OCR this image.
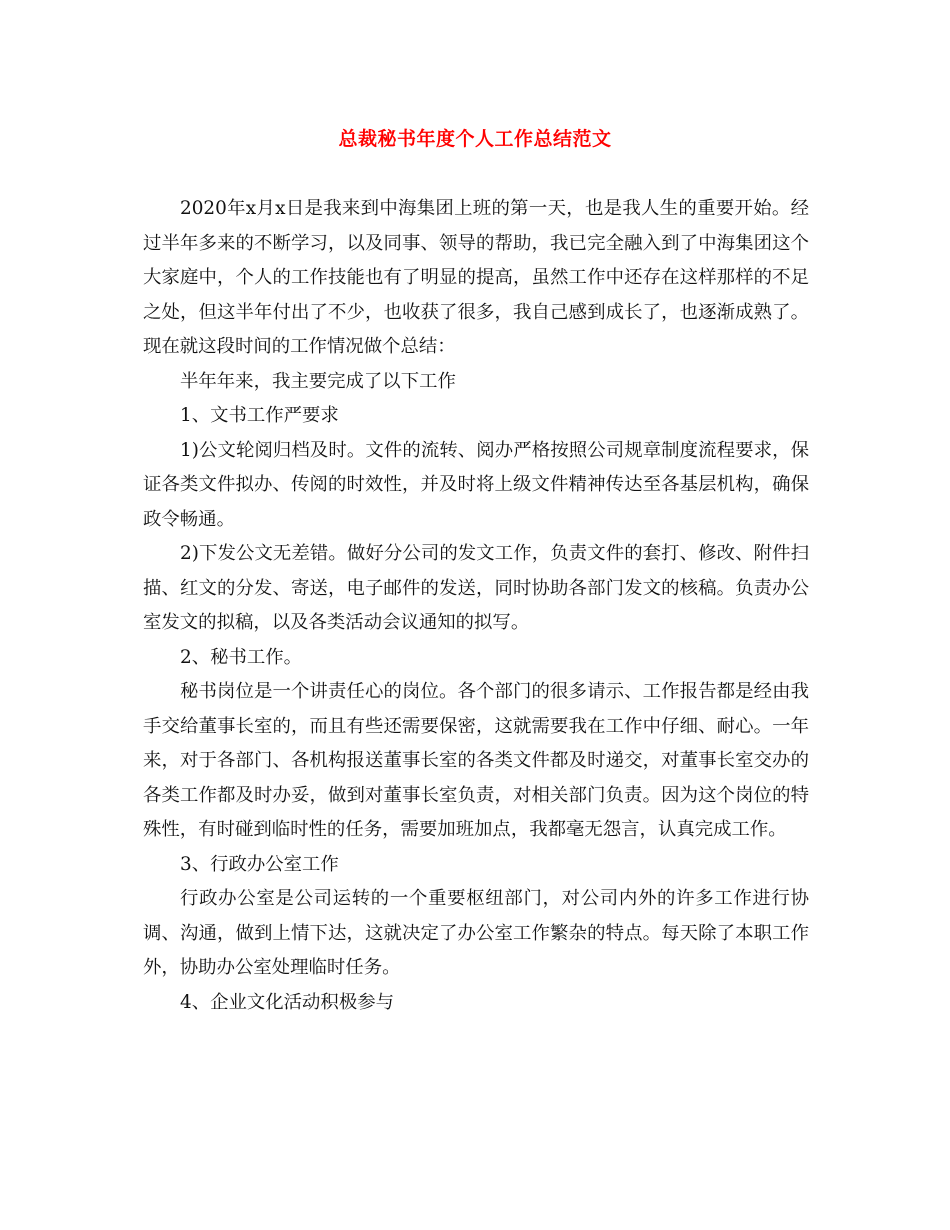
总裁秘书年度个人工作总结范文

2020年x月x日是我来到中海集团上班的第一天，也是我人生的重要开始。经过半年多来的不断学习，以及同事、领导的帮助，我已完全融入到了中海集团这个大家庭中，个人的工作技能也有了明显的提高，虽然工作中还存在这样那样的不足之处，但这半年付出了不少，也收获了很多，我自己感到成长了，也逐渐成熟了。现在就这段时间的工作情况做个总结：

半年年来，我主要完成了以下工作

1、文书工作严要求

1)公文轮阅归档及时。文件的流转、阅办严格按照公司规章制度流程要求，保证各类文件拟办、传阅的时效性，并及时将上级文件精神传达至各基层机构，确保政令畅通。

2)下发公文无差错。做好分公司的发文工作，负责文件的套打、修改、附件扫描、红文的分发、寄送，电子邮件的发送，同时协助各部门发文的核稿。负责办公室发文的拟稿，以及各类活动会议通知的拟写。

2、秘书工作。

秘书岗位是一个讲责任心的岗位。各个部门的很多请示、工作报告都是经由我手交给董事长室的，而且有些还需要保密，这就需要我在工作中仔细、耐心。一年来，对于各部门、各机构报送董事长室的各类文件都及时递交，对董事长室交办的各类工作都及时办妥，做到对董事长室负责，对相关部门负责。因为这个岗位的特殊性，有时碰到临时性的任务，需要加班加点，我都毫无怨言，认真完成工作。

3、行政办公室工作

行政办公室是公司运转的一个重要枢纽部门，对公司内外的许多工作进行协调、沟通，做到上情下达，这就决定了办公室工作繁杂的特点。每天除了本职工作外，协助办公室处理临时任务。

4、企业文化活动积极参与
